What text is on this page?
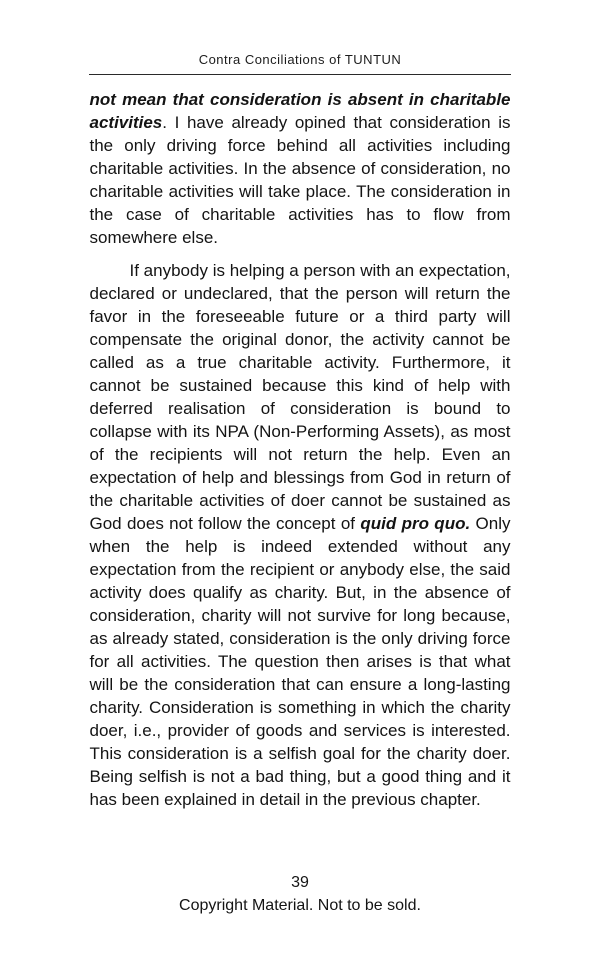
Contra Conciliations of TUNTUN

not mean that consideration is absent in charitable activities. I have already opined that consideration is the only driving force behind all activities including charitable activities. In the absence of consideration, no charitable activities will take place. The consideration in the case of charitable activities has to flow from somewhere else.

If anybody is helping a person with an expectation, declared or undeclared, that the person will return the favor in the foreseeable future or a third party will compensate the original donor, the activity cannot be called as a true charitable activity. Furthermore, it cannot be sustained because this kind of help with deferred realisation of consideration is bound to collapse with its NPA (Non-Performing Assets), as most of the recipients will not return the help. Even an expectation of help and blessings from God in return of the charitable activities of doer cannot be sustained as God does not follow the concept of quid pro quo. Only when the help is indeed extended without any expectation from the recipient or anybody else, the said activity does qualify as charity. But, in the absence of consideration, charity will not survive for long because, as already stated, consideration is the only driving force for all activities. The question then arises is that what will be the consideration that can ensure a long-lasting charity. Consideration is something in which the charity doer, i.e., provider of goods and services is interested. This consideration is a selfish goal for the charity doer. Being selfish is not a bad thing, but a good thing and it has been explained in detail in the previous chapter.

39
Copyright Material. Not to be sold.
